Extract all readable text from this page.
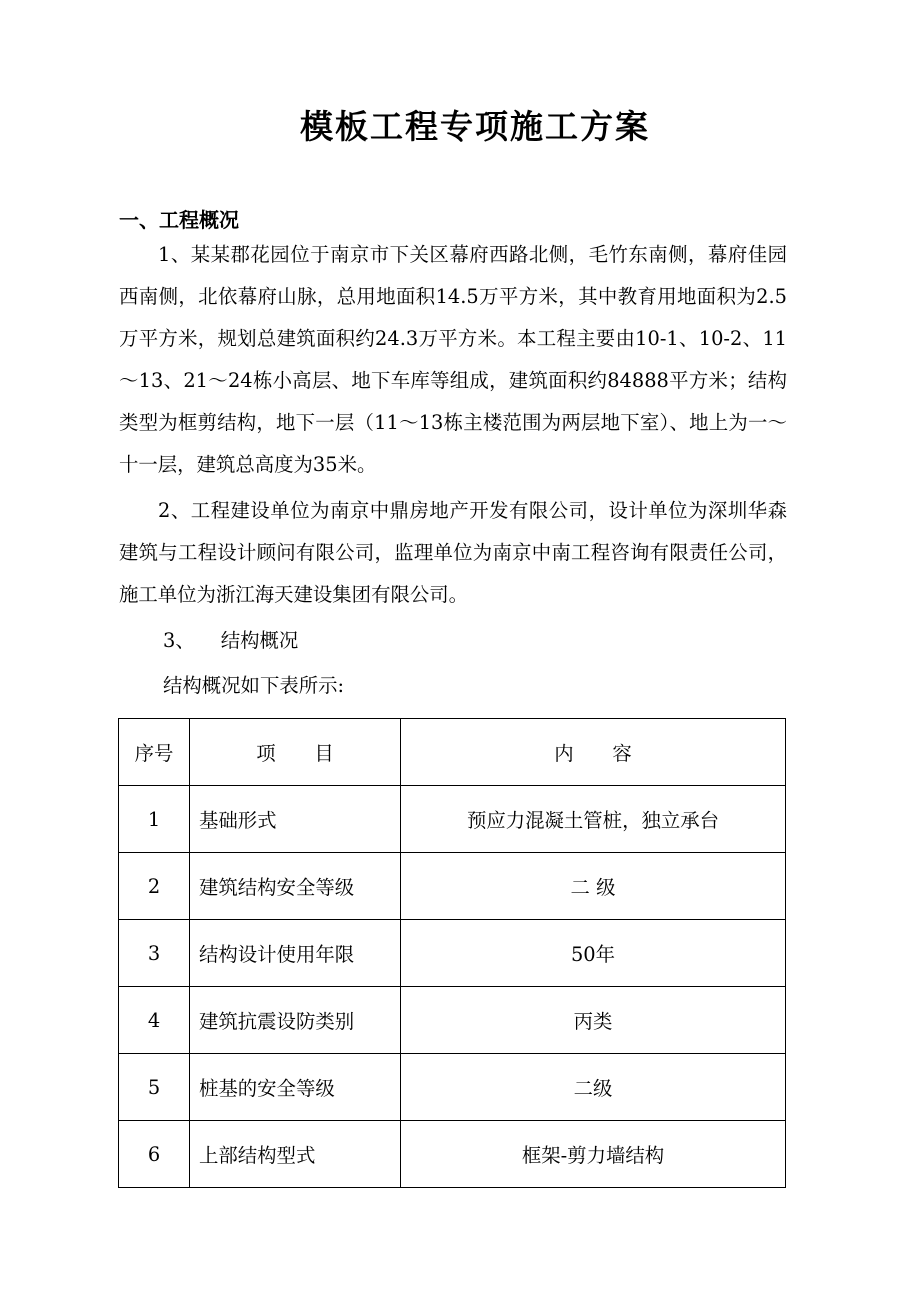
模板工程专项施工方案
一、工程概况

1、某某郡花园位于南京市下关区幕府西路北侧，毛竹东南侧，幕府佳园西南侧，北依幕府山脉，总用地面积14.5万平方米，其中教育用地面积为2.5万平方米，规划总建筑面积约24.3万平方米。本工程主要由10-1、10-2、11～13、21～24栋小高层、地下车库等组成，建筑面积约84888平方米；结构类型为框剪结构，地下一层（11～13栋主楼范围为两层地下室）、地上为一～十一层，建筑总高度为35米。

2、工程建设单位为南京中鼎房地产开发有限公司，设计单位为深圳华森建筑与工程设计顾问有限公司，监理单位为南京中南工程咨询有限责任公司，施工单位为浙江海天建设集团有限公司。

3、 结构概况
结构概况如下表所示:
序号	项　　目	内　　容
1	基础形式	预应力混凝土管桩，独立承台
2	建筑结构安全等级	二 级
3	结构设计使用年限	50年
4	建筑抗震设防类别	丙类
5	桩基的安全等级	二级
6	上部结构型式	框架-剪力墙结构
